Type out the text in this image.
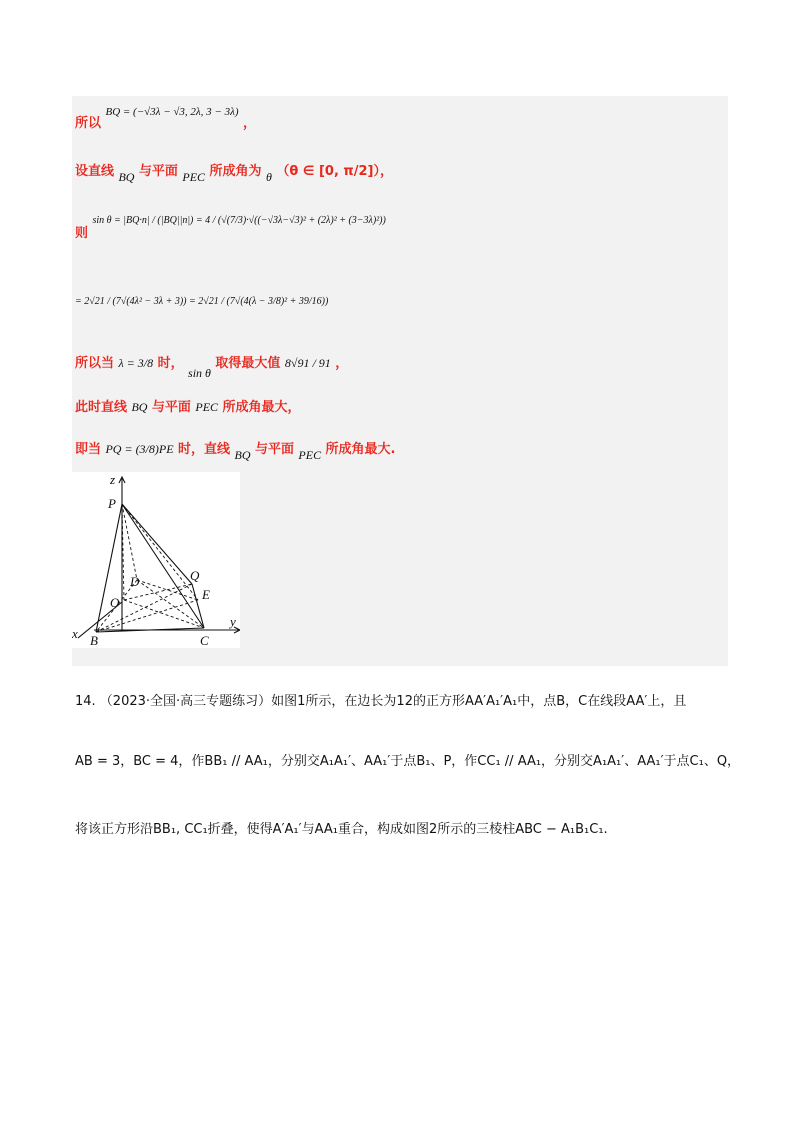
所以 BQ = (−√3λ − √3, 2λ, 3 − 3λ) ，
设直线 BQ 与平面 PEC 所成角为 θ （θ ∈ [0, π/2]），
则 sin θ = |BQ·n| / (|BQ||n|) = 4 / (√(7/3)·√((−√3λ−√3)² + (2λ)² + (3−3λ)²))
= 2√21 / (7√(4λ² − 3λ + 3)) = 2√21 / (7√(4(λ − 3/8)² + 39/16))
所以当 λ = 3/8 时， sin θ 取得最大值 8√91 / 91 ，
此时直线 BQ 与平面 PEC 所成角最大，
即当 PQ = (3/8)PE 时，直线 BQ 与平面 PEC 所成角最大.
z
P
Q
D
E
O
x B	C
y
14. （2023·全国·高三专题练习）如图1所示，在边长为12的正方形AA′A₁′A₁中，点B，C在线段AA′上，且
AB = 3，BC = 4，作BB₁ // AA₁，分别交A₁A₁′、AA₁′于点B₁、P，作CC₁ // AA₁，分别交A₁A₁′、AA₁′于点C₁、Q，
将该正方形沿BB₁, CC₁折叠，使得A′A₁′与AA₁重合，构成如图2所示的三棱柱ABC − A₁B₁C₁.
